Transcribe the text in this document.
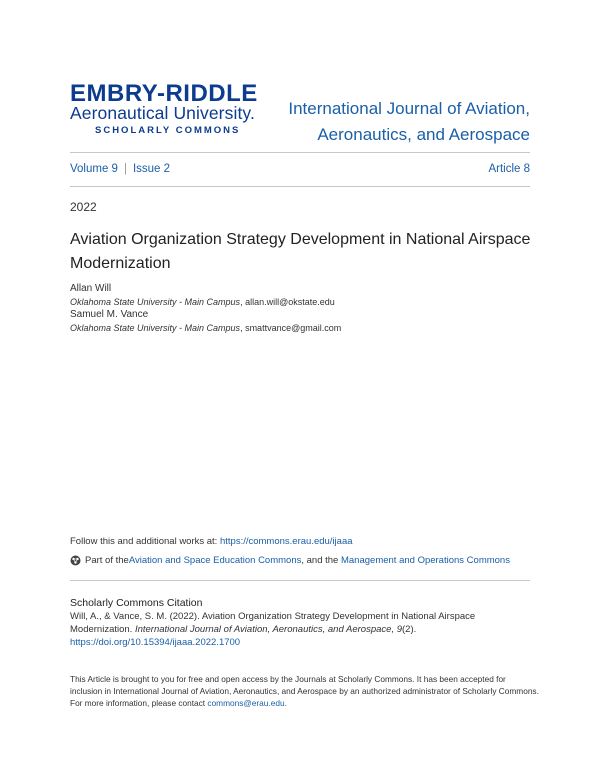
EMBRY-RIDDLE
Aeronautical University.
SCHOLARLY COMMONS
International Journal of Aviation,
Aeronautics, and Aerospace
Volume 9 | Issue 2	Article 8
2022
Aviation Organization Strategy Development in National Airspace Modernization
Allan Will
Oklahoma State University - Main Campus, allan.will@okstate.edu
Samuel M. Vance
Oklahoma State University - Main Campus, smattvance@gmail.com
Follow this and additional works at: https://commons.erau.edu/ijaaa
Part of the Aviation and Space Education Commons , and the Management and Operations Commons
Scholarly Commons Citation
Will, A., & Vance, S. M. (2022). Aviation Organization Strategy Development in National Airspace Modernization. International Journal of Aviation, Aeronautics, and Aerospace, 9(2). https://doi.org/10.15394/ijaaa.2022.1700
This Article is brought to you for free and open access by the Journals at Scholarly Commons. It has been accepted for inclusion in International Journal of Aviation, Aeronautics, and Aerospace by an authorized administrator of Scholarly Commons. For more information, please contact commons@erau.edu.
